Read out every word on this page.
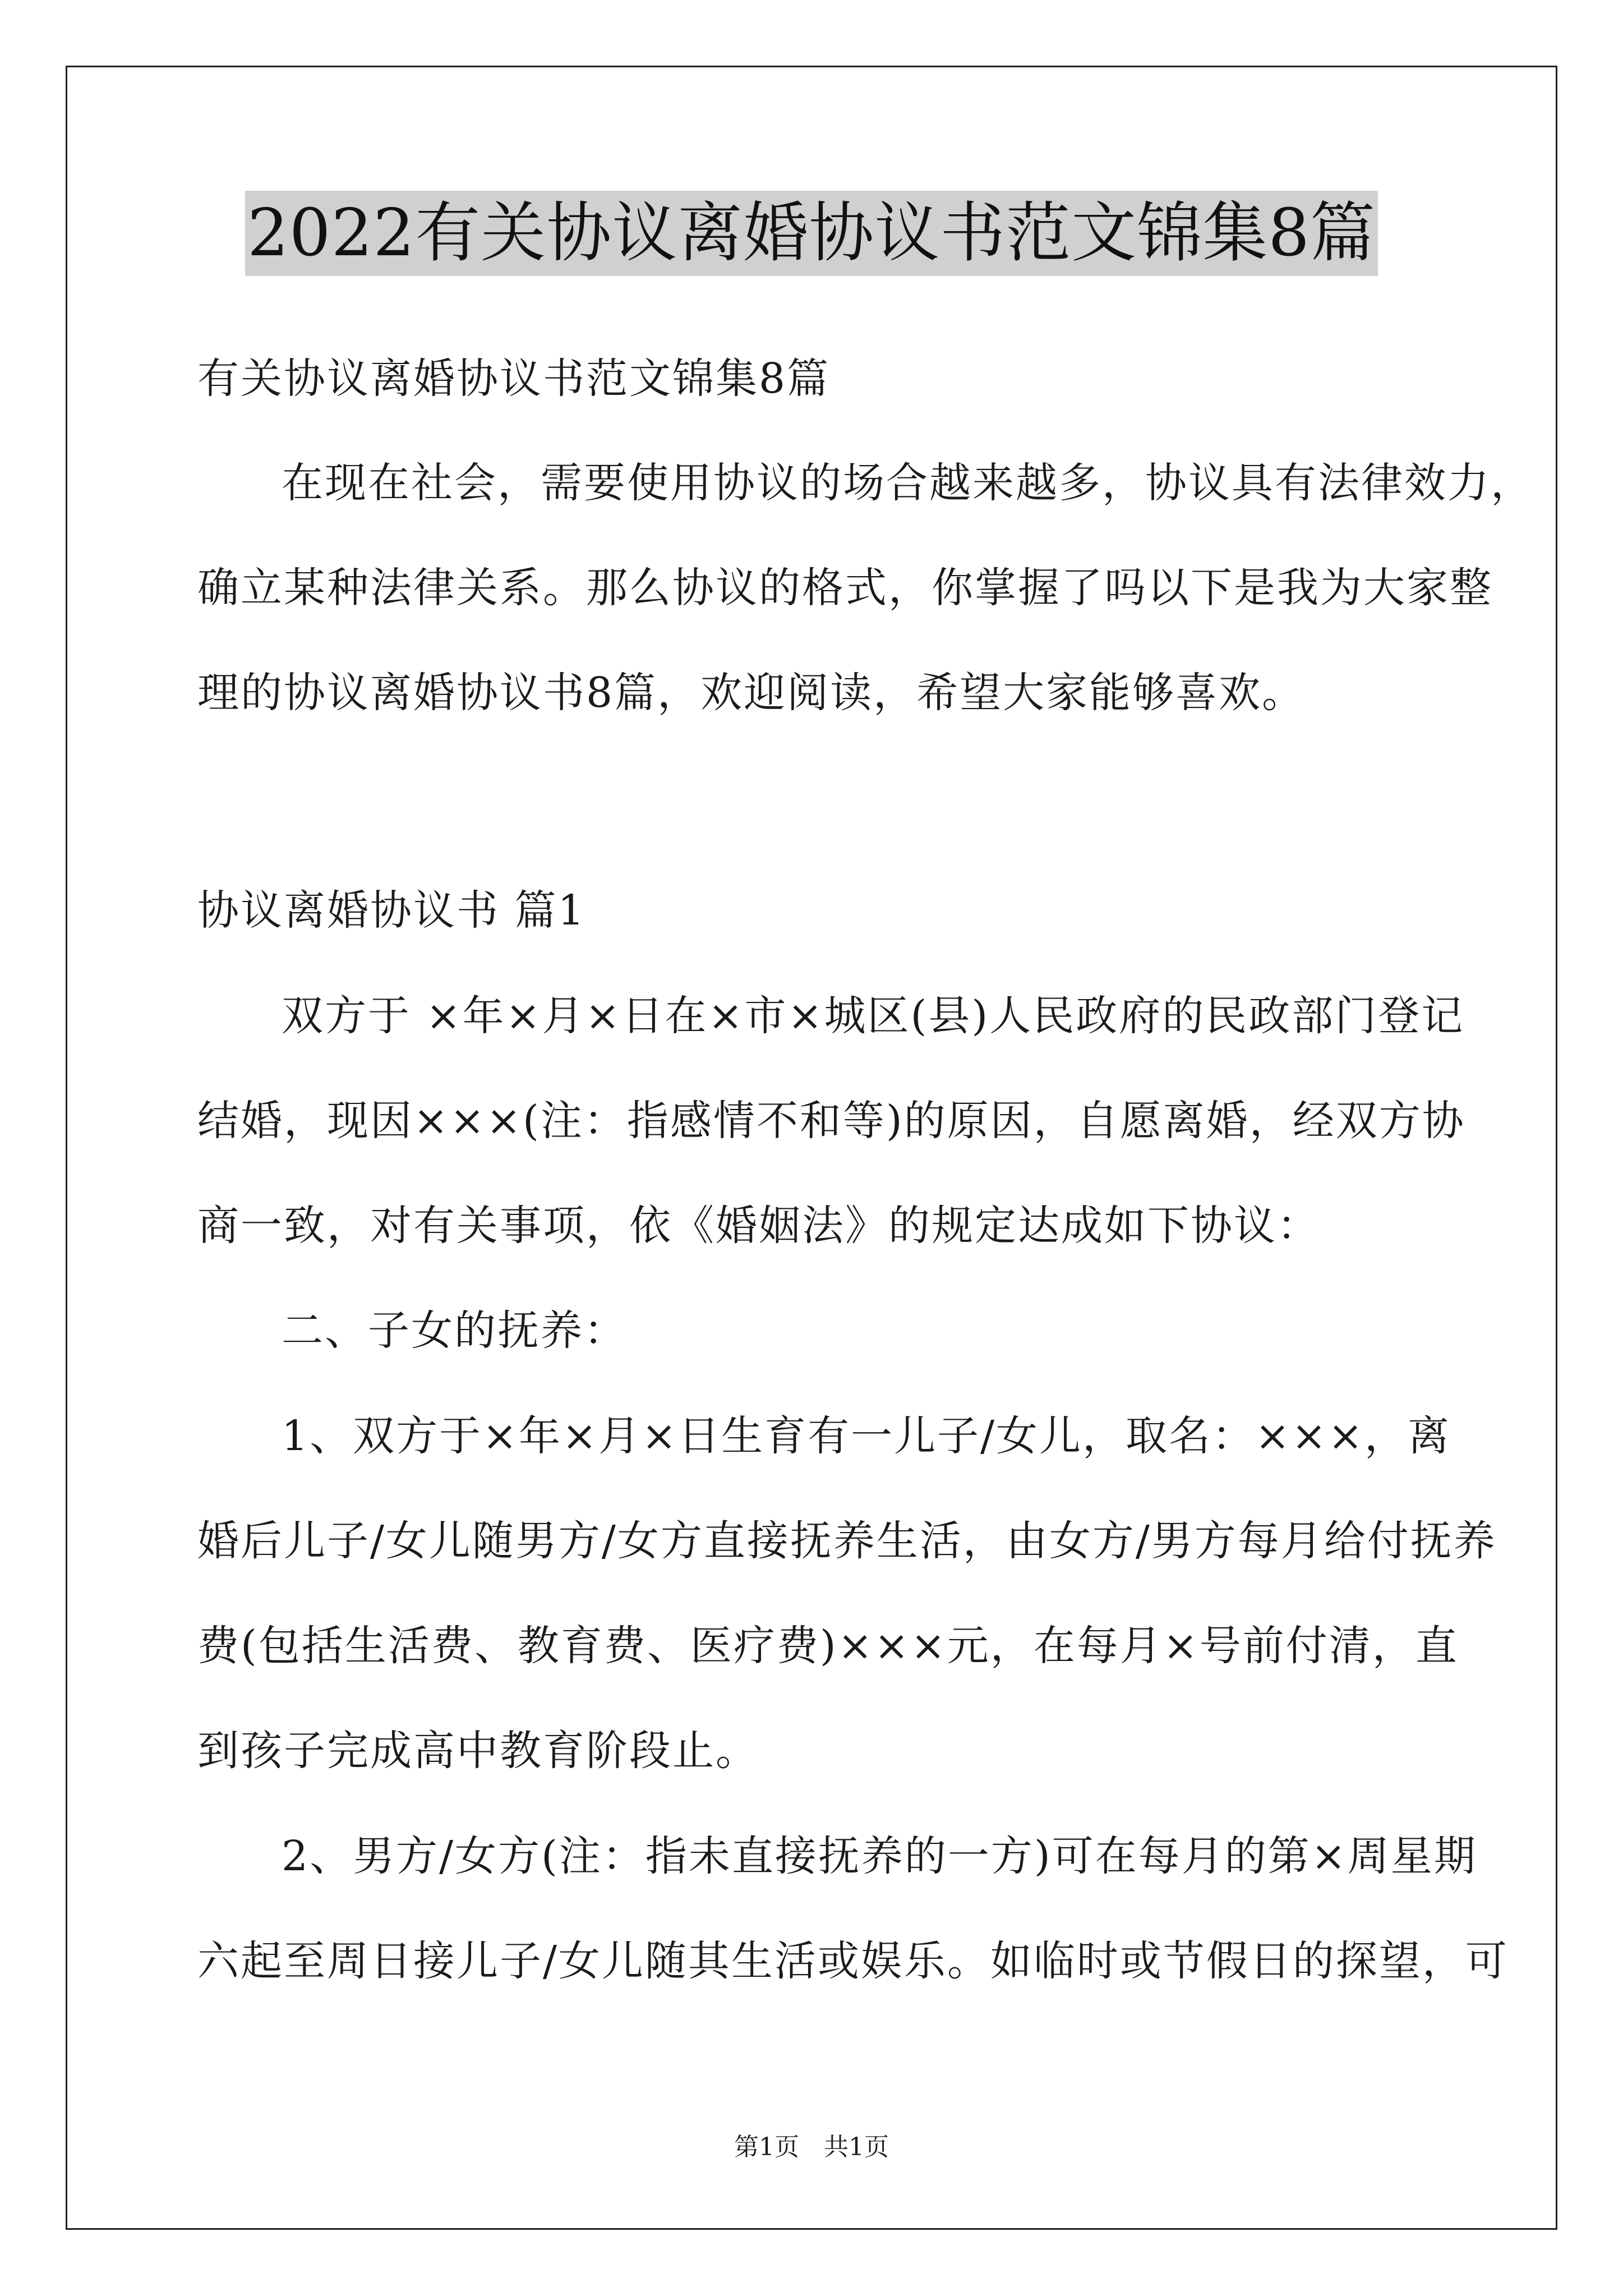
2022有关协议离婚协议书范文锦集8篇
有关协议离婚协议书范文锦集8篇
在现在社会，需要使用协议的场合越来越多，协议具有法律效力，
确立某种法律关系。那么协议的格式，你掌握了吗以下是我为大家整
理的协议离婚协议书8篇，欢迎阅读，希望大家能够喜欢。
协议离婚协议书 篇1
双方于 ×年×月×日在×市×城区(县)人民政府的民政部门登记
结婚，现因×××(注：指感情不和等)的原因，自愿离婚，经双方协
商一致，对有关事项，依《婚姻法》的规定达成如下协议：
二、子女的抚养：
1、双方于×年×月×日生育有一儿子/女儿，取名：×××，离
婚后儿子/女儿随男方/女方直接抚养生活，由女方/男方每月给付抚养
费(包括生活费、教育费、医疗费)×××元，在每月×号前付清，直
到孩子完成高中教育阶段止。
2、男方/女方(注：指未直接抚养的一方)可在每月的第×周星期
六起至周日接儿子/女儿随其生活或娱乐。如临时或节假日的探望，可
第1页　共1页
